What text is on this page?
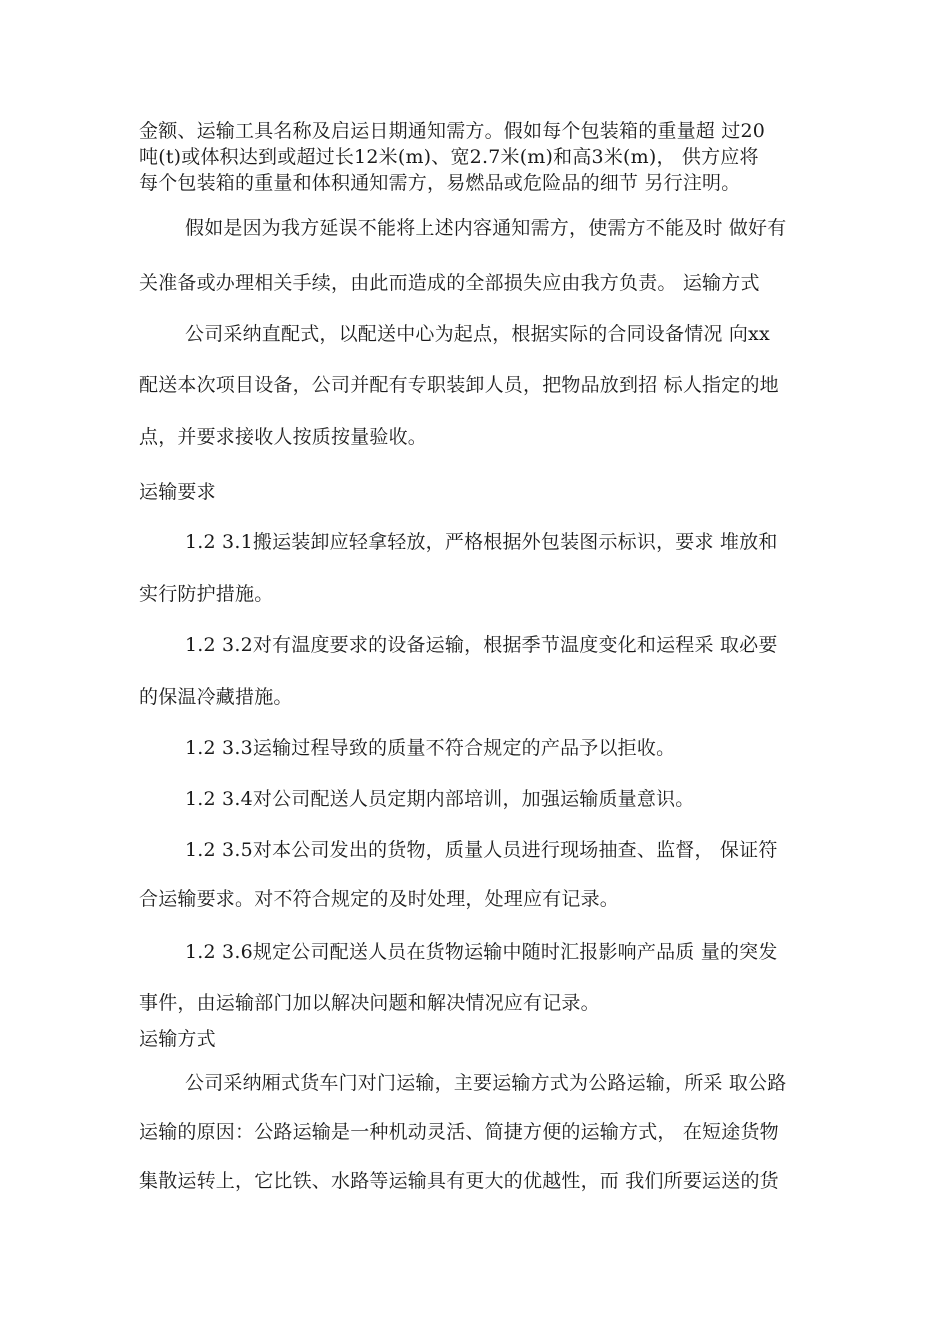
金额、运输工具名称及启运日期通知需方。假如每个包装箱的重量超 过20
吨(t)或体积达到或超过长12米(m)、宽2.7米(m)和高3米(m)， 供方应将
每个包装箱的重量和体积通知需方，易燃品或危险品的细节 另行注明。
假如是因为我方延误不能将上述内容通知需方，使需方不能及时 做好有
关准备或办理相关手续，由此而造成的全部损失应由我方负责。 运输方式
公司采纳直配式，以配送中心为起点，根据实际的合同设备情况 向xx
配送本次项目设备，公司并配有专职装卸人员，把物品放到招 标人指定的地
点，并要求接收人按质按量验收。
运输要求
1.2 3.1搬运装卸应轻拿轻放，严格根据外包装图示标识，要求 堆放和
实行防护措施。
1.2 3.2对有温度要求的设备运输，根据季节温度变化和运程采 取必要
的保温冷藏措施。
1.2 3.3运输过程导致的质量不符合规定的产品予以拒收。
1.2 3.4对公司配送人员定期内部培训，加强运输质量意识。
1.2 3.5对本公司发出的货物，质量人员进行现场抽查、监督， 保证符
合运输要求。对不符合规定的及时处理，处理应有记录。
1.2 3.6规定公司配送人员在货物运输中随时汇报影响产品质 量的突发
事件，由运输部门加以解决问题和解决情况应有记录。
运输方式
公司采纳厢式货车门对门运输，主要运输方式为公路运输，所采 取公路
运输的原因：公路运输是一种机动灵活、简捷方便的运输方式， 在短途货物
集散运转上，它比铁、水路等运输具有更大的优越性，而 我们所要运送的货
